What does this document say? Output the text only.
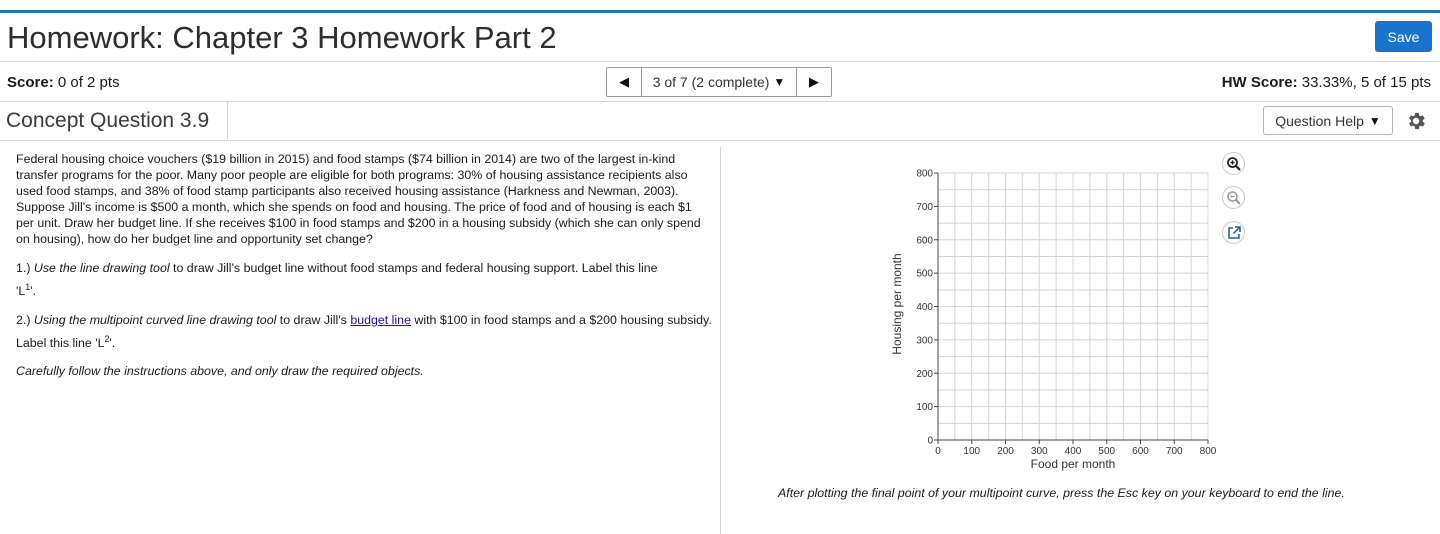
Homework: Chapter 3 Homework Part 2	Save
Score: 0 of 2 pts	◀ 3 of 7 (2 complete) ▼ ▶	HW Score: 33.33%, 5 of 15 pts
Concept Question 3.9	Question Help ▼

Federal housing choice vouchers ($19 billion in 2015) and food stamps ($74 billion in 2014) are two of the largest in-kind transfer programs for the poor. Many poor people are eligible for both programs: 30% of housing assistance recipients also used food stamps, and 38% of food stamp participants also received housing assistance (Harkness and Newman, 2003). Suppose Jill's income is $500 a month, which she spends on food and housing. The price of food and of housing is each $1 per unit. Draw her budget line. If she receives $100 in food stamps and $200 in a housing subsidy (which she can only spend on housing), how do her budget line and opportunity set change?

1.) Use the line drawing tool to draw Jill's budget line without food stamps and federal housing support. Label this line
'$L^1$'.

2.) Using the multipoint curved line drawing tool to draw Jill's budget line with $100 in food stamps and a $200 housing subsidy. Label this line '$L^2$'.

Carefully follow the instructions above, and only draw the required objects.

0 100 200 300 400 500 600 700 800
0
100
200
300
400
500
600
700
800
Housing per month
Food per month
After plotting the final point of your multipoint curve, press the Esc key on your keyboard to end the line.
